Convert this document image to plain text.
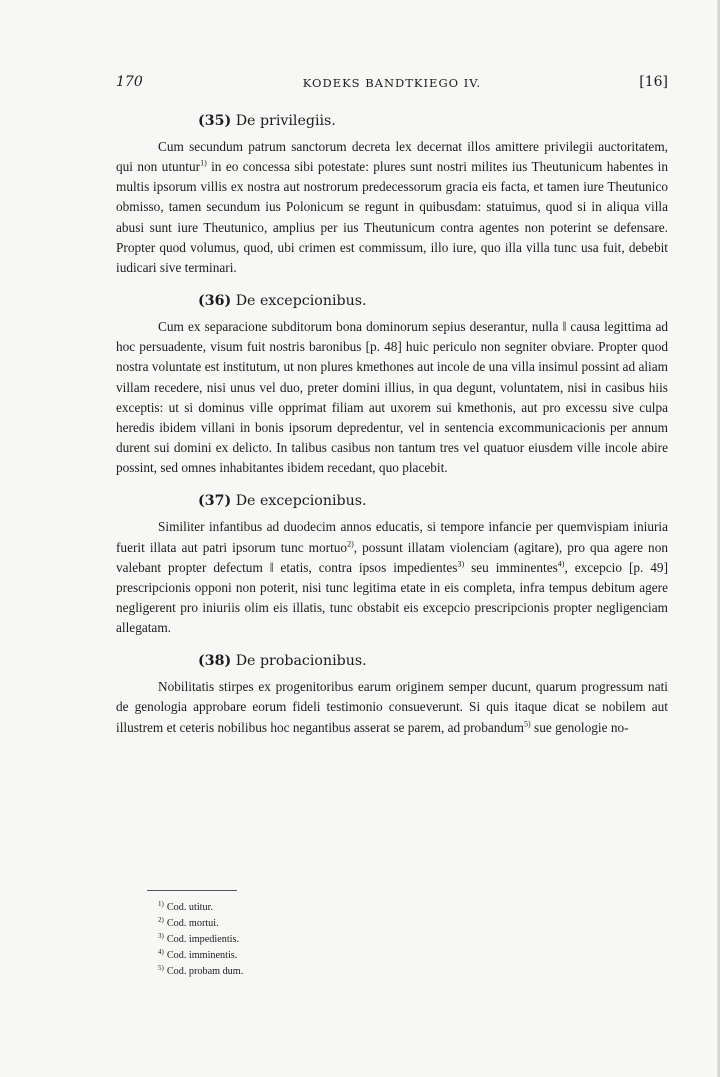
170	KODEKS BANDTKIEGO IV.	[16]
(35) De privilegiis.

Cum secundum patrum sanctorum decreta lex decernat illos amittere privilegii auctoritatem, qui non utuntur$^{1)}$ in eo concessa sibi potestate: plures sunt nostri milites ius Theutunicum habentes in multis ipsorum villis ex nostra aut nostrorum predecessorum gracia eis facta, et tamen iure Theutunico obmisso, tamen secundum ius Polonicum se regunt in quibusdam: statuimus, quod si in aliqua villa abusi sunt iure Theutunico, amplius per ius Theutunicum contra agentes non poterint se defensare. Propter quod volumus, quod, ubi crimen est commissum, illo iure, quo illa villa tunc usa fuit, debebit iudicari sive terminari.

(36) De excepcionibus.

Cum ex separacione subditorum bona dominorum sepius deserantur, nulla ‖ causa legittima ad hoc persuadente, visum fuit nostris baronibus [p. 48] huic periculo non segniter obviare. Propter quod nostra voluntate est institutum, ut non plures kmethones aut incole de una villa insimul possint ad aliam villam recedere, nisi unus vel duo, preter domini illius, in qua degunt, voluntatem, nisi in casibus hiis exceptis: ut si dominus ville opprimat filiam aut uxorem sui kmethonis, aut pro excessu sive culpa heredis ibidem villani in bonis ipsorum depredentur, vel in sentencia excommunicacionis per annum durent sui domini ex delicto. In talibus casibus non tantum tres vel quatuor eiusdem ville incole abire possint, sed omnes inhabitantes ibidem recedant, quo placebit.

(37) De excepcionibus.

Similiter infantibus ad duodecim annos educatis, si tempore infancie per quemvispiam iniuria fuerit illata aut patri ipsorum tunc mortuo$^{2)}$, possunt illatam violenciam (agitare), pro qua agere non valebant propter defectum ‖ etatis, contra ipsos impedientes$^{3)}$ seu imminentes$^{4)}$, excepcio [p. 49] prescripcionis opponi non poterit, nisi tunc legitima etate in eis completa, infra tempus debitum agere negligerent pro iniuriis olim eis illatis, tunc obstabit eis excepcio prescripcionis propter negligenciam allegatam.

(38) De probacionibus.

Nobilitatis stirpes ex progenitoribus earum originem semper ducunt, quarum progressum nati de genologia approbare eorum fideli testimonio consueverunt. Si quis itaque dicat se nobilem aut illustrem et ceteris nobilibus hoc negantibus asserat se parem, ad probandum$^{5)}$ sue genologie no-

$^{1)}$ Cod. utitur.
$^{2)}$ Cod. mortui.
$^{3)}$ Cod. impedientis.
$^{4)}$ Cod. imminentis.
$^{5)}$ Cod. probam dum.
